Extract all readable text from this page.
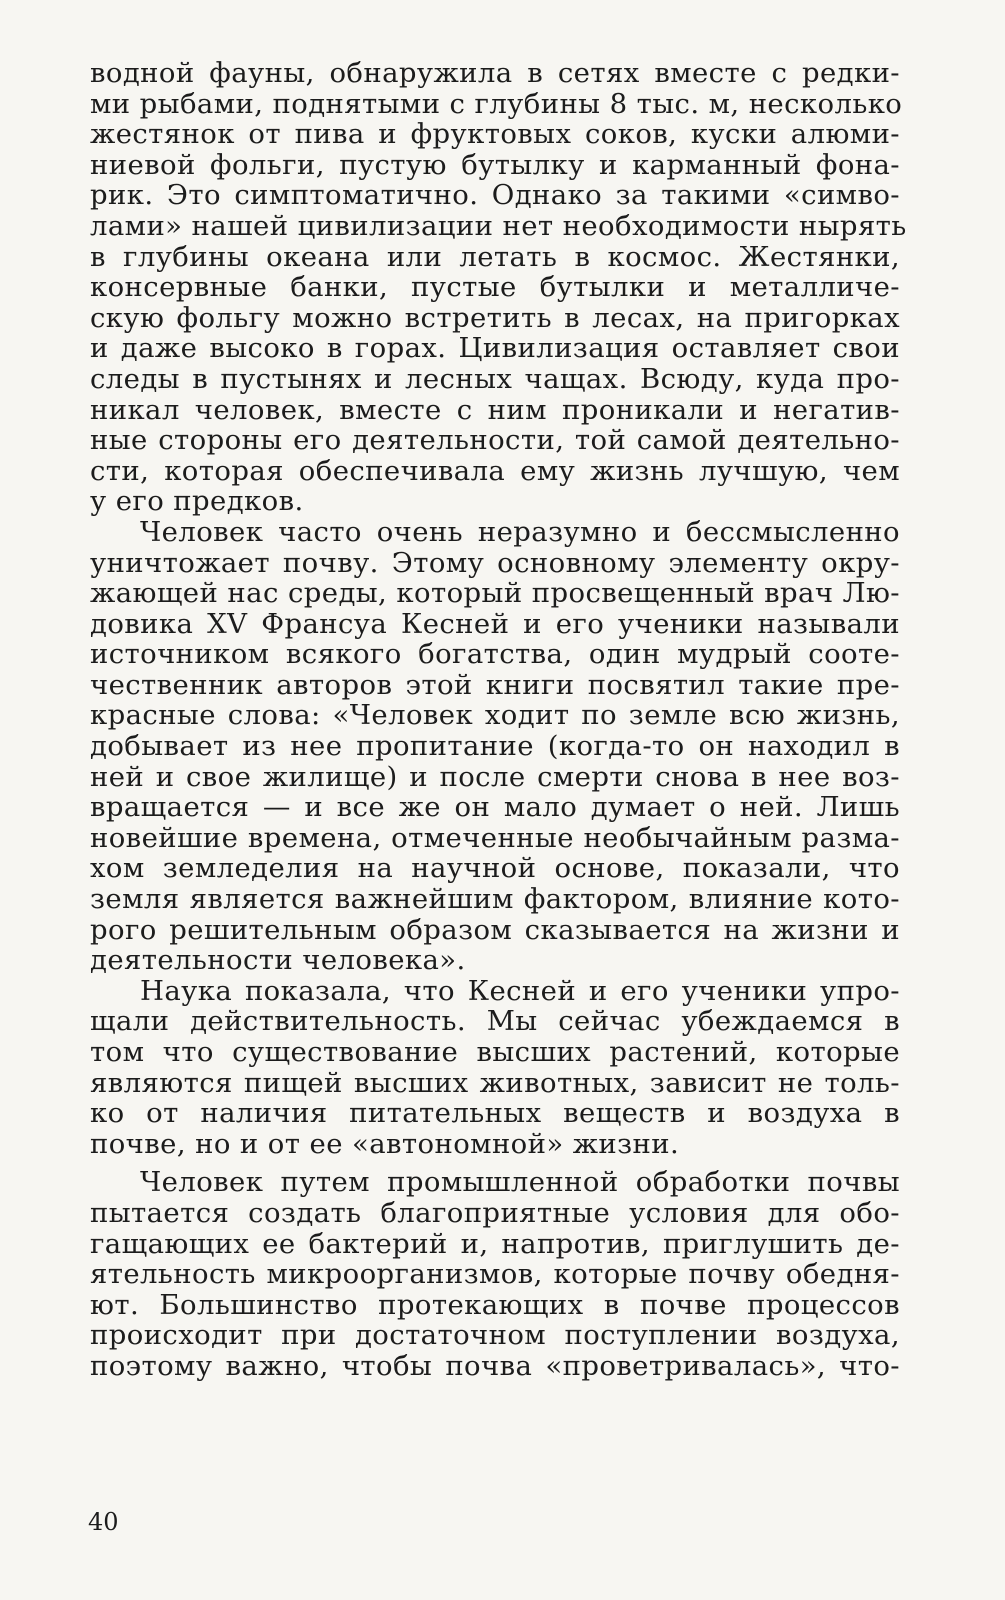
водной фауны, обнаружила в сетях вместе с редки-
ми рыбами, поднятыми с глубины 8 тыс. м, несколько
жестянок от пива и фруктовых соков, куски алюми-
ниевой фольги, пустую бутылку и карманный фона-
рик. Это симптоматично. Однако за такими «симво-
лами» нашей цивилизации нет необходимости нырять
в глубины океана или летать в космос. Жестянки,
консервные банки, пустые бутылки и металличе-
скую фольгу можно встретить в лесах, на пригорках
и даже высоко в горах. Цивилизация оставляет свои
следы в пустынях и лесных чащах. Всюду, куда про-
никал человек, вместе с ним проникали и негатив-
ные стороны его деятельности, той самой деятельно-
сти, которая обеспечивала ему жизнь лучшую, чем
у его предков.
Человек часто очень неразумно и бессмысленно
уничтожает почву. Этому основному элементу окру-
жающей нас среды, который просвещенный врач Лю-
довика XV Франсуа Кесней и его ученики называли
источником всякого богатства, один мудрый сооте-
чественник авторов этой книги посвятил такие пре-
красные слова: «Человек ходит по земле всю жизнь,
добывает из нее пропитание (когда-то он находил в
ней и свое жилище) и после смерти снова в нее воз-
вращается — и все же он мало думает о ней. Лишь
новейшие времена, отмеченные необычайным разма-
хом земледелия на научной основе, показали, что
земля является важнейшим фактором, влияние кото-
рого решительным образом сказывается на жизни и
деятельности человека».
Наука показала, что Кесней и его ученики упро-
щали действительность. Мы сейчас убеждаемся в
том что существование высших растений, которые
являются пищей высших животных, зависит не толь-
ко от наличия питательных веществ и воздуха в
почве, но и от ее «автономной» жизни.
Человек путем промышленной обработки почвы
пытается создать благоприятные условия для обо-
гащающих ее бактерий и, напротив, приглушить де-
ятельность микроорганизмов, которые почву обедня-
ют. Большинство протекающих в почве процессов
происходит при достаточном поступлении воздуха,
поэтому важно, чтобы почва «проветривалась», что-
40
